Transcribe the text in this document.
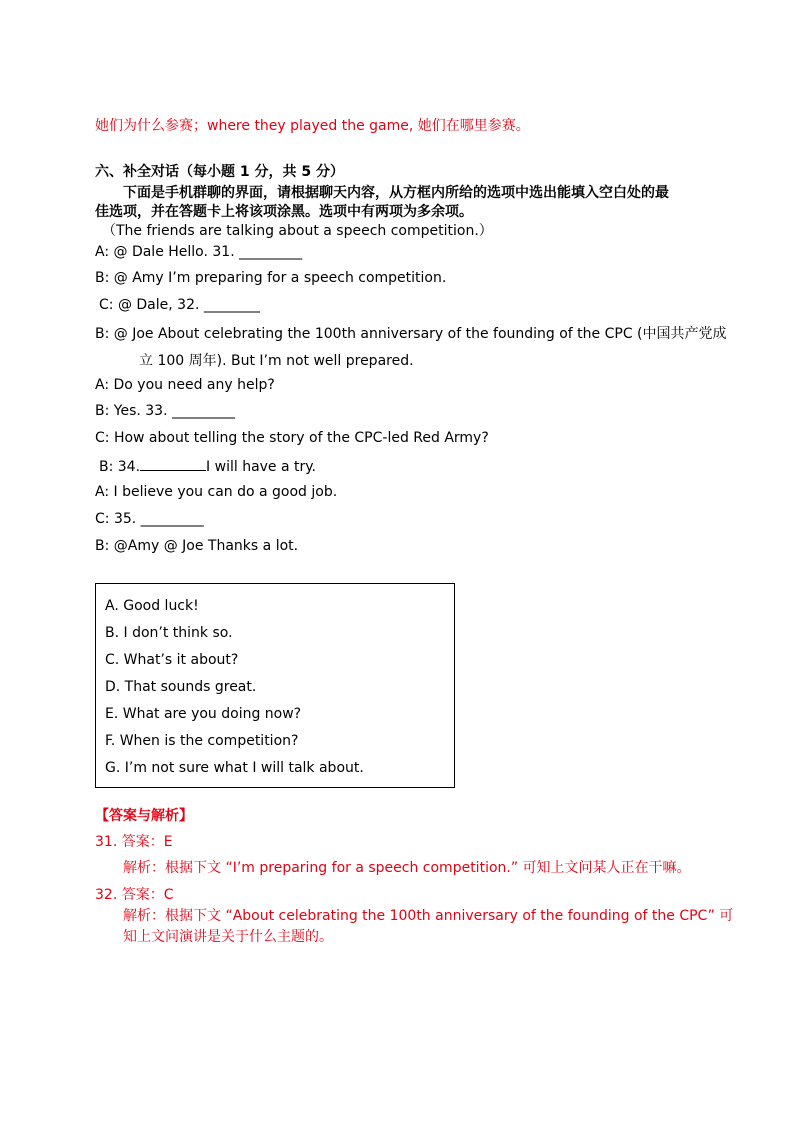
她们为什么参赛；where they played the game, 她们在哪里参赛。
六、补全对话（每小题 1 分，共 5 分）
下面是手机群聊的界面，请根据聊天内容，从方框内所给的选项中选出能填入空白处的最
佳选项，并在答题卡上将该项涂黑。选项中有两项为多余项。
（The friends are talking about a speech competition.）
A: @ Dale Hello. 31. _________
B: @ Amy I’m preparing for a speech competition.
C: @ Dale, 32. ________
B: @ Joe About celebrating the 100th anniversary of the founding of the CPC (中国共产党成
立 100 周年). But I’m not well prepared.
A: Do you need any help?
B: Yes. 33. _________
C: How about telling the story of the CPC-led Red Army?
B: 34.	I will have a try.
A: I believe you can do a good job.
C: 35. _________
B: @Amy @ Joe Thanks a lot.
A. Good luck!
B. I don’t think so.
C. What’s it about?
D. That sounds great.
E. What are you doing now?
F. When is the competition?
G. I’m not sure what I will talk about.
【答案与解析】
31. 答案：E
解析：根据下文 “I’m preparing for a speech competition.” 可知上文问某人正在干嘛。
32. 答案：C
解析：根据下文 “About celebrating the 100th anniversary of the founding of the CPC” 可
知上文问演讲是关于什么主题的。
